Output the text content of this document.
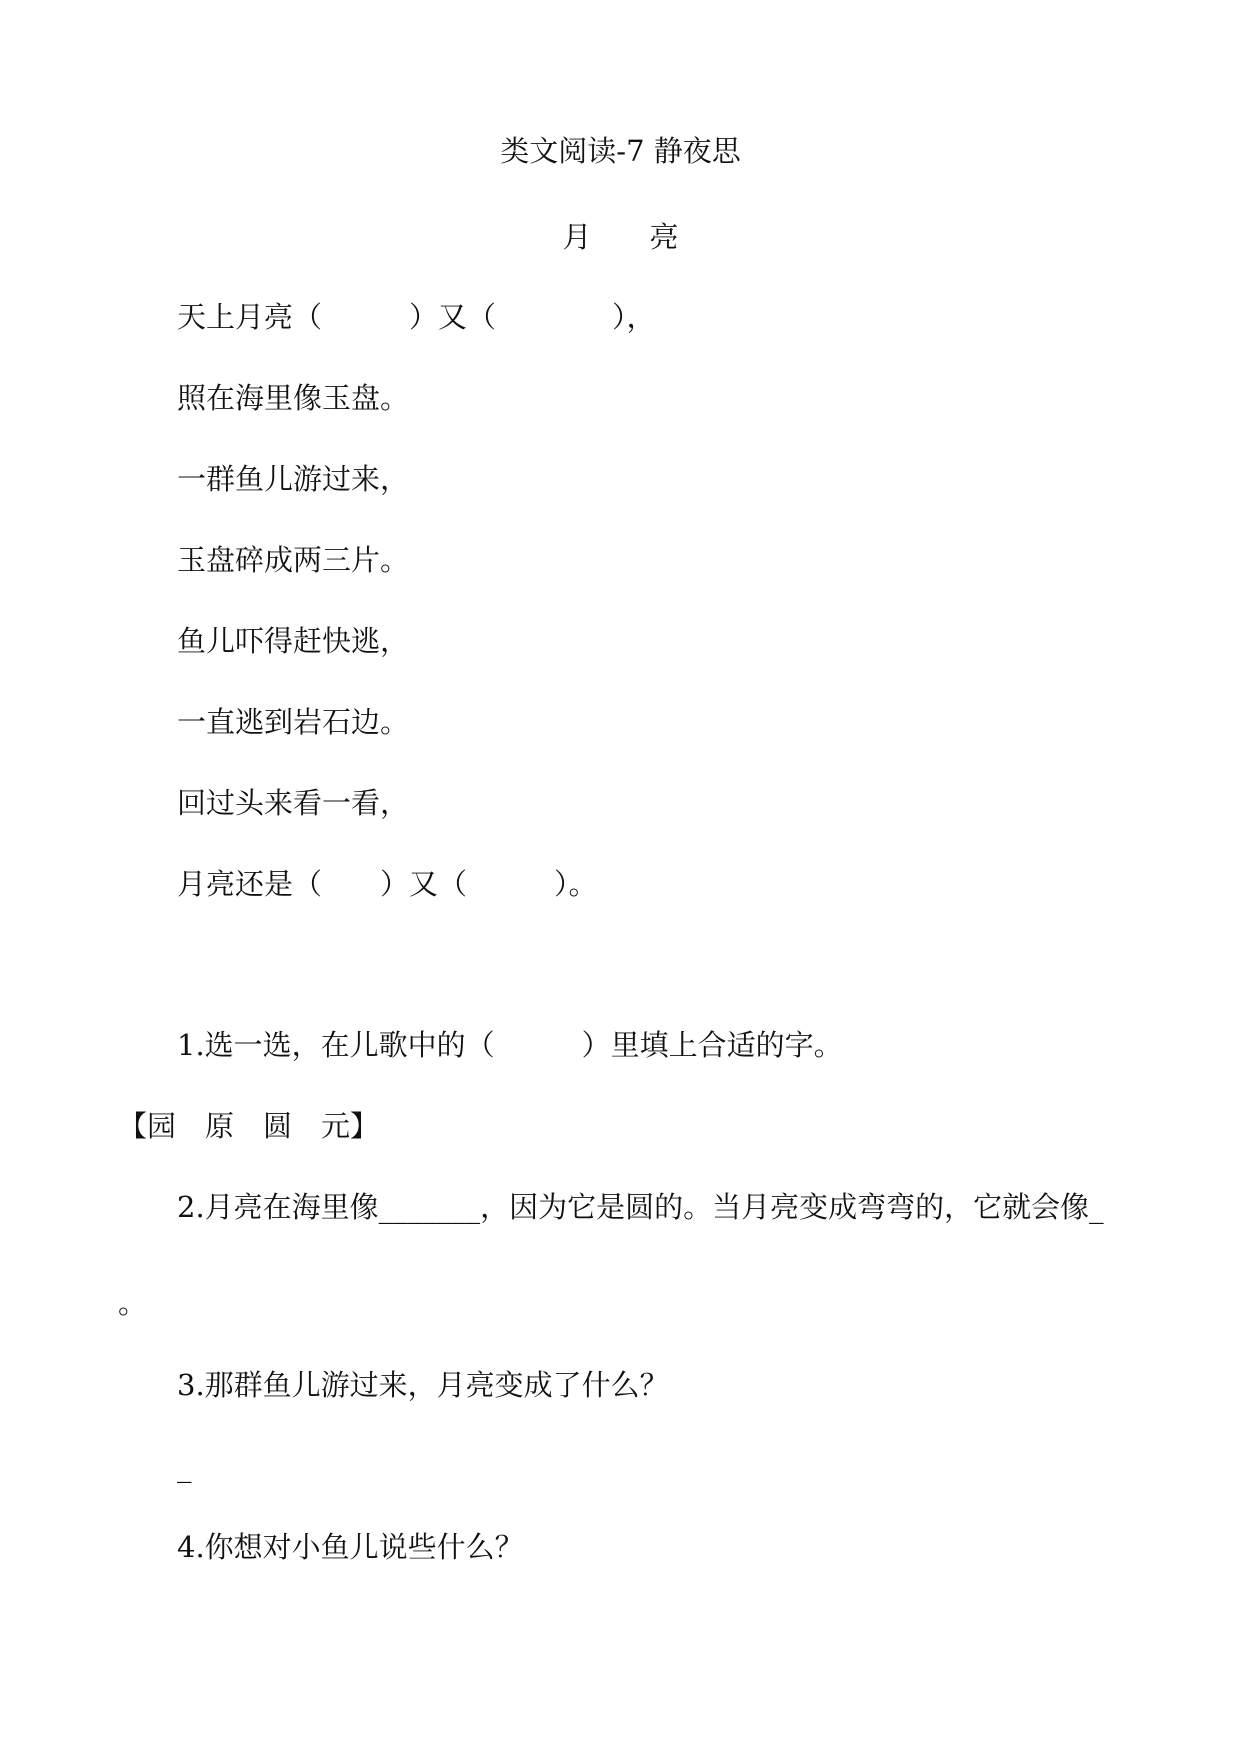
类文阅读-7 静夜思
月　　亮
天上月亮（　　　）又（　　　　），
照在海里像玉盘。
一群鱼儿游过来，
玉盘碎成两三片。
鱼儿吓得赶快逃，
一直逃到岩石边。
回过头来看一看，
月亮还是（　　）又（　　　）。
1.选一选，在儿歌中的（　　　）里填上合适的字。
【园　原　圆　元】
2.月亮在海里像_______，因为它是圆的。当月亮变成弯弯的，它就会像_
。
3.那群鱼儿游过来，月亮变成了什么？
_
4.你想对小鱼儿说些什么？
